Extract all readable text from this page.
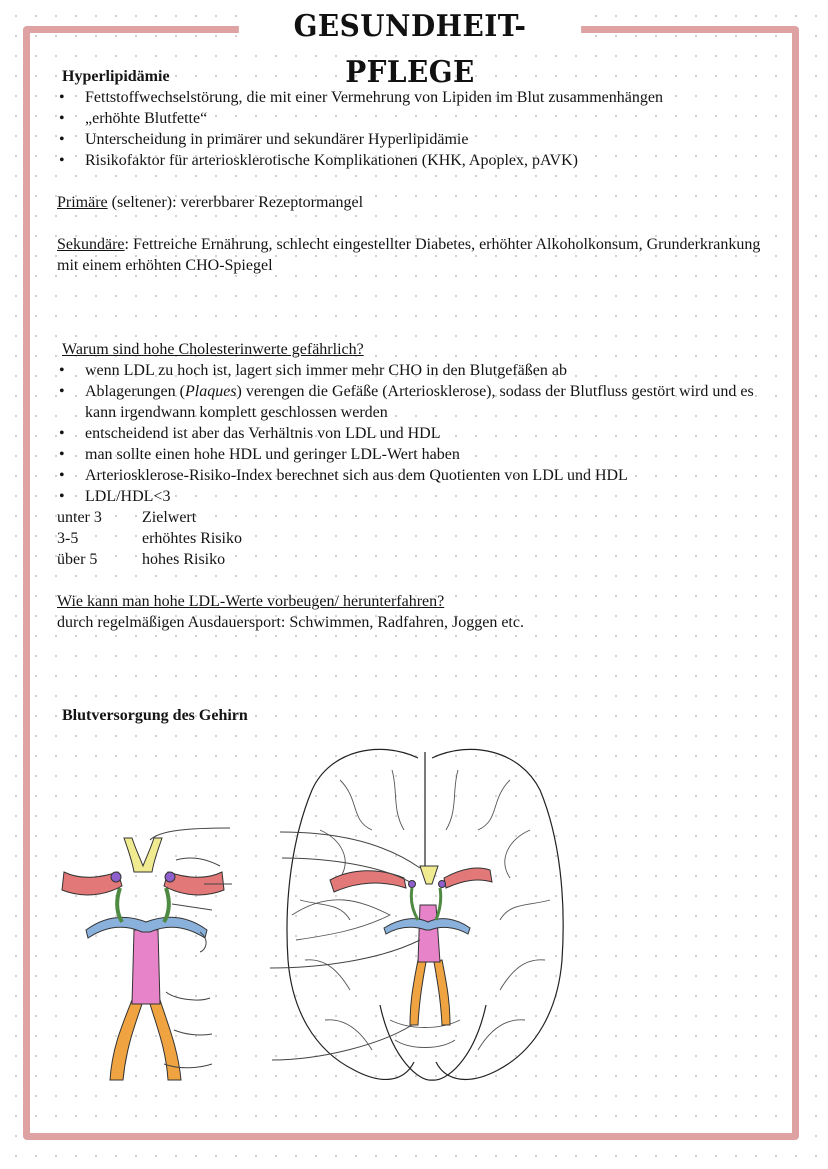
GESUNDHEIT-PFLEGE

Hyperlipidämie

• Fettstoffwechselstörung, die mit einer Vermehrung von Lipiden im Blut zusammenhängen
• „erhöhte Blutfette“
• Unterscheidung in primärer und sekundärer Hyperlipidämie
• Risikofaktor für arteriosklerotische Komplikationen (KHK, Apoplex, pAVK)

Primäre (seltener): vererbbarer Rezeptormangel

Sekundäre: Fettreiche Ernährung, schlecht eingestellter Diabetes, erhöhter Alkoholkonsum, Grunderkrankung mit einem erhöhten CHO-Spiegel

Warum sind hohe Cholesterinwerte gefährlich?

• wenn LDL zu hoch ist, lagert sich immer mehr CHO in den Blutgefäßen ab
• Ablagerungen (Plaques) verengen die Gefäße (Arteriosklerose), sodass der Blutfluss gestört wird und es kann irgendwann komplett geschlossen werden
• entscheidend ist aber das Verhältnis von LDL und HDL
• man sollte einen hohe HDL und geringer LDL-Wert haben
• Arteriosklerose-Risiko-Index berechnet sich aus dem Quotienten von LDL und HDL
• LDL/HDL<3
unter 3	Zielwert
3-5	erhöhtes Risiko
über 5	hohes Risiko

Wie kann man hohe LDL-Werte vorbeugen/ herunterfahren?

durch regelmäßigen Ausdauersport: Schwimmen, Radfahren, Joggen etc.

Blutversorgung des Gehirn
